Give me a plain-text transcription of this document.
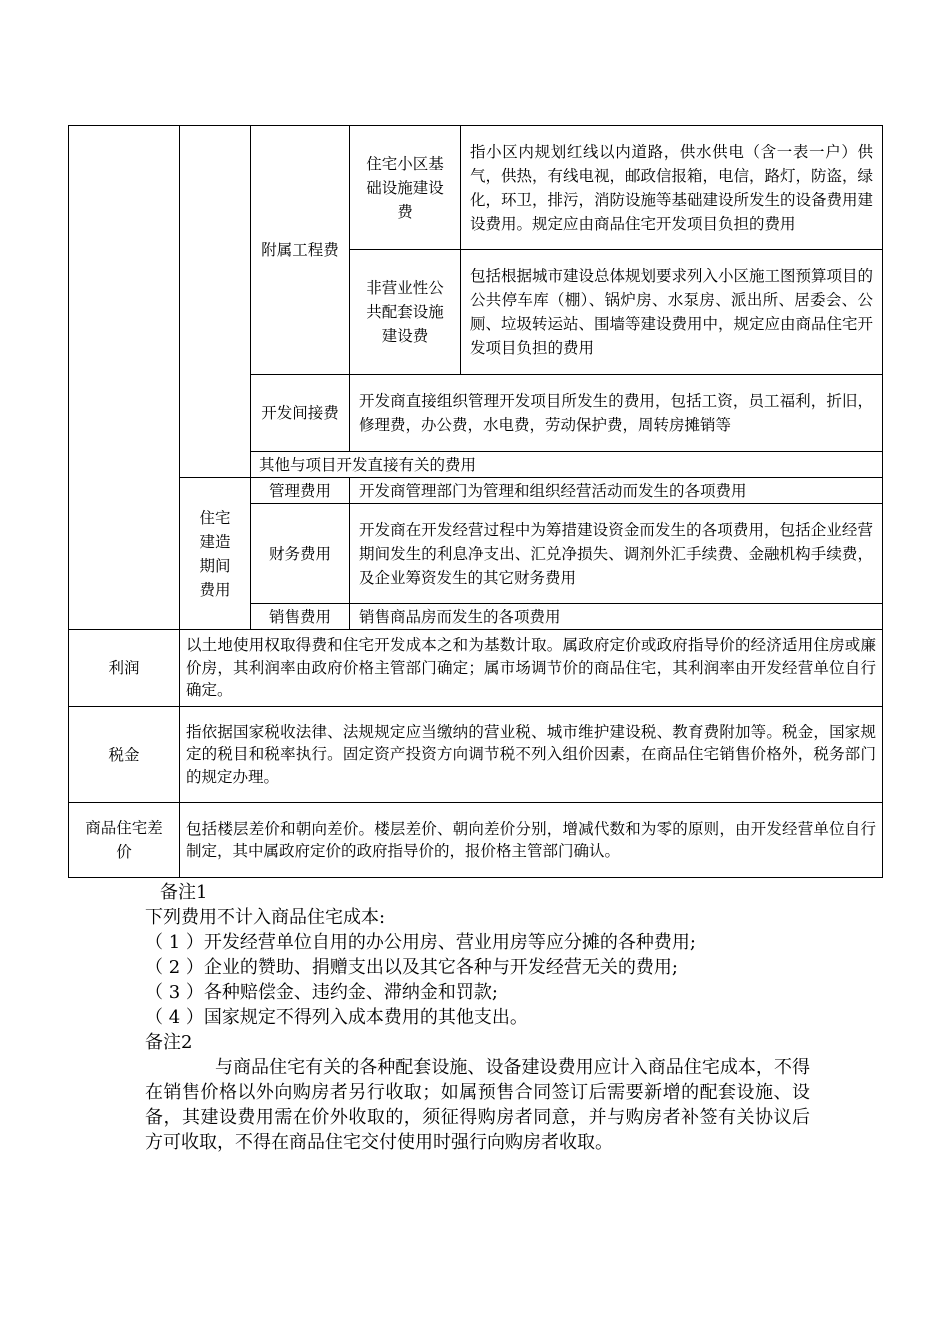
		附属工程费	住宅小区基础设施建设费	指小区内规划红线以内道路，供水供电（含一表一户）供气，供热，有线电视，邮政信报箱，电信，路灯，防盗，绿化，环卫，排污，消防设施等基础建设所发生的设备费用建设费用。规定应由商品住宅开发项目负担的费用
			非营业性公共配套设施建设费	包括根据城市建设总体规划要求列入小区施工图预算项目的公共停车库（棚）、锅炉房、水泵房、派出所、居委会、公厕、垃圾转运站、围墙等建设费用中，规定应由商品住宅开发项目负担的费用
		开发间接费	开发商直接组织管理开发项目所发生的费用，包括工资，员工福利，折旧，修理费，办公费，水电费，劳动保护费，周转房摊销等	
		其他与项目开发直接有关的费用		
	住宅建造期间费用	管理费用	开发商管理部门为管理和组织经营活动而发生的各项费用	
		财务费用	开发商在开发经营过程中为筹措建设资金而发生的各项费用，包括企业经营期间发生的利息净支出、汇兑净损失、调剂外汇手续费、金融机构手续费，及企业筹资发生的其它财务费用	
		销售费用	销售商品房而发生的各项费用	
利润	以土地使用权取得费和住宅开发成本之和为基数计取。属政府定价或政府指导价的经济适用住房或廉价房，其利润率由政府价格主管部门确定；属市场调节价的商品住宅，其利润率由开发经营单位自行确定。			
税金	指依据国家税收法律、法规规定应当缴纳的营业税、城市维护建设税、教育费附加等。税金，国家规定的税目和税率执行。固定资产投资方向调节税不列入组价因素，在商品住宅销售价格外，税务部门的规定办理。			
商品住宅差价	包括楼层差价和朝向差价。楼层差价、朝向差价分别，增减代数和为零的原则，由开发经营单位自行制定，其中属政府定价的政府指导价的，报价格主管部门确认。			
备注1
下列费用不计入商品住宅成本:
（ 1 ）开发经营单位自用的办公用房、营业用房等应分摊的各种费用;
（ 2 ）企业的赞助、捐赠支出以及其它各种与开发经营无关的费用;
（ 3 ）各种赔偿金、违约金、滞纳金和罚款;
（ 4 ）国家规定不得列入成本费用的其他支出。
备注2
与商品住宅有关的各种配套设施、设备建设费用应计入商品住宅成本，不得在销售价格以外向购房者另行收取；如属预售合同签订后需要新增的配套设施、设备，其建设费用需在价外收取的，须征得购房者同意，并与购房者补签有关协议后方可收取，不得在商品住宅交付使用时强行向购房者收取。
